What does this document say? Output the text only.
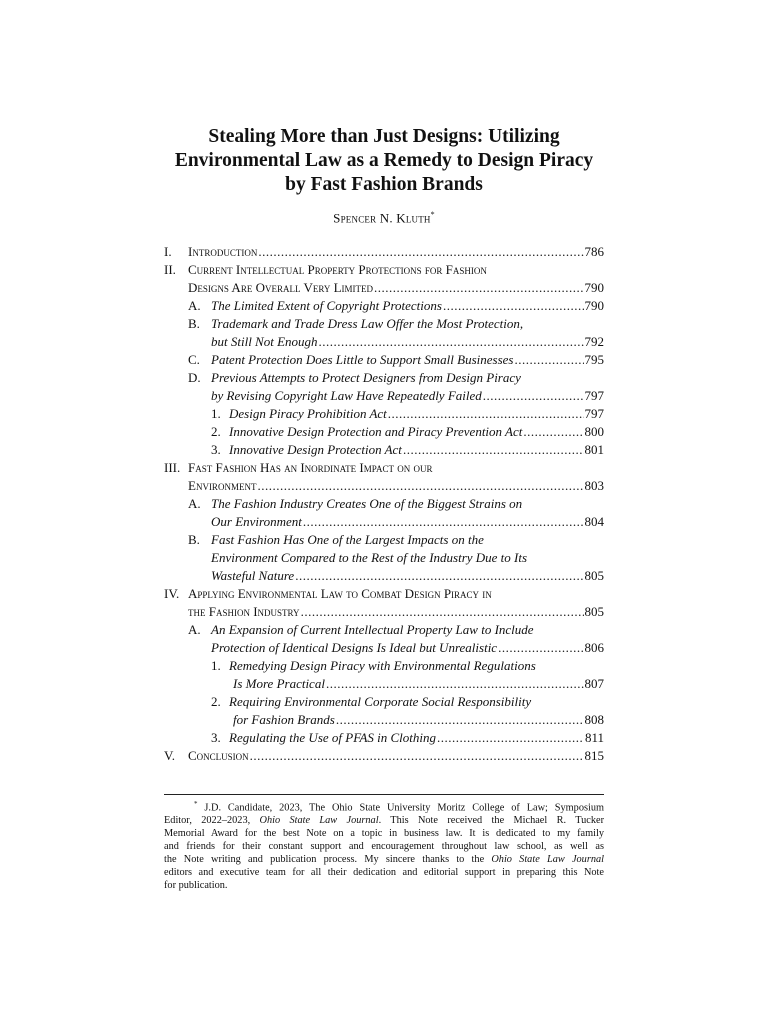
Stealing More than Just Designs: Utilizing
Environmental Law as a Remedy to Design Piracy
by Fast Fashion Brands
Spencer N. Kluth*
I.	Introduction .....	786
II. Current Intellectual Property Protections for Fashion
Designs Are Overall Very Limited .....	790
A. The Limited Extent of Copyright Protections .....	790
B. Trademark and Trade Dress Law Offer the Most Protection,
but Still Not Enough .....	792
C. Patent Protection Does Little to Support Small Businesses .....	795
D. Previous Attempts to Protect Designers from Design Piracy
by Revising Copyright Law Have Repeatedly Failed .....	797
1. Design Piracy Prohibition Act .....	797
2. Innovative Design Protection and Piracy Prevention Act .....	800
3. Innovative Design Protection Act .....	801
III. Fast Fashion Has an Inordinate Impact on our
Environment .....	803
A. The Fashion Industry Creates One of the Biggest Strains on
Our Environment .....	804
B. Fast Fashion Has One of the Largest Impacts on the
Environment Compared to the Rest of the Industry Due to Its
Wasteful Nature .....	805
IV. Applying Environmental Law to Combat Design Piracy in
the Fashion Industry .....	805
A. An Expansion of Current Intellectual Property Law to Include
Protection of Identical Designs Is Ideal but Unrealistic .....	806
1. Remedying Design Piracy with Environmental Regulations
Is More Practical .....	807
2. Requiring Environmental Corporate Social Responsibility
for Fashion Brands .....	808
3. Regulating the Use of PFAS in Clothing .....	811
V.	Conclusion .....	815
* J.D. Candidate, 2023, The Ohio State University Moritz College of Law; Symposium
Editor, 2022–2023, Ohio State Law Journal. This Note received the Michael R. Tucker
Memorial Award for the best Note on a topic in business law. It is dedicated to my family
and friends for their constant support and encouragement throughout law school, as well as
the Note writing and publication process. My sincere thanks to the Ohio State Law Journal
editors and executive team for all their dedication and editorial support in preparing this Note
for publication.
